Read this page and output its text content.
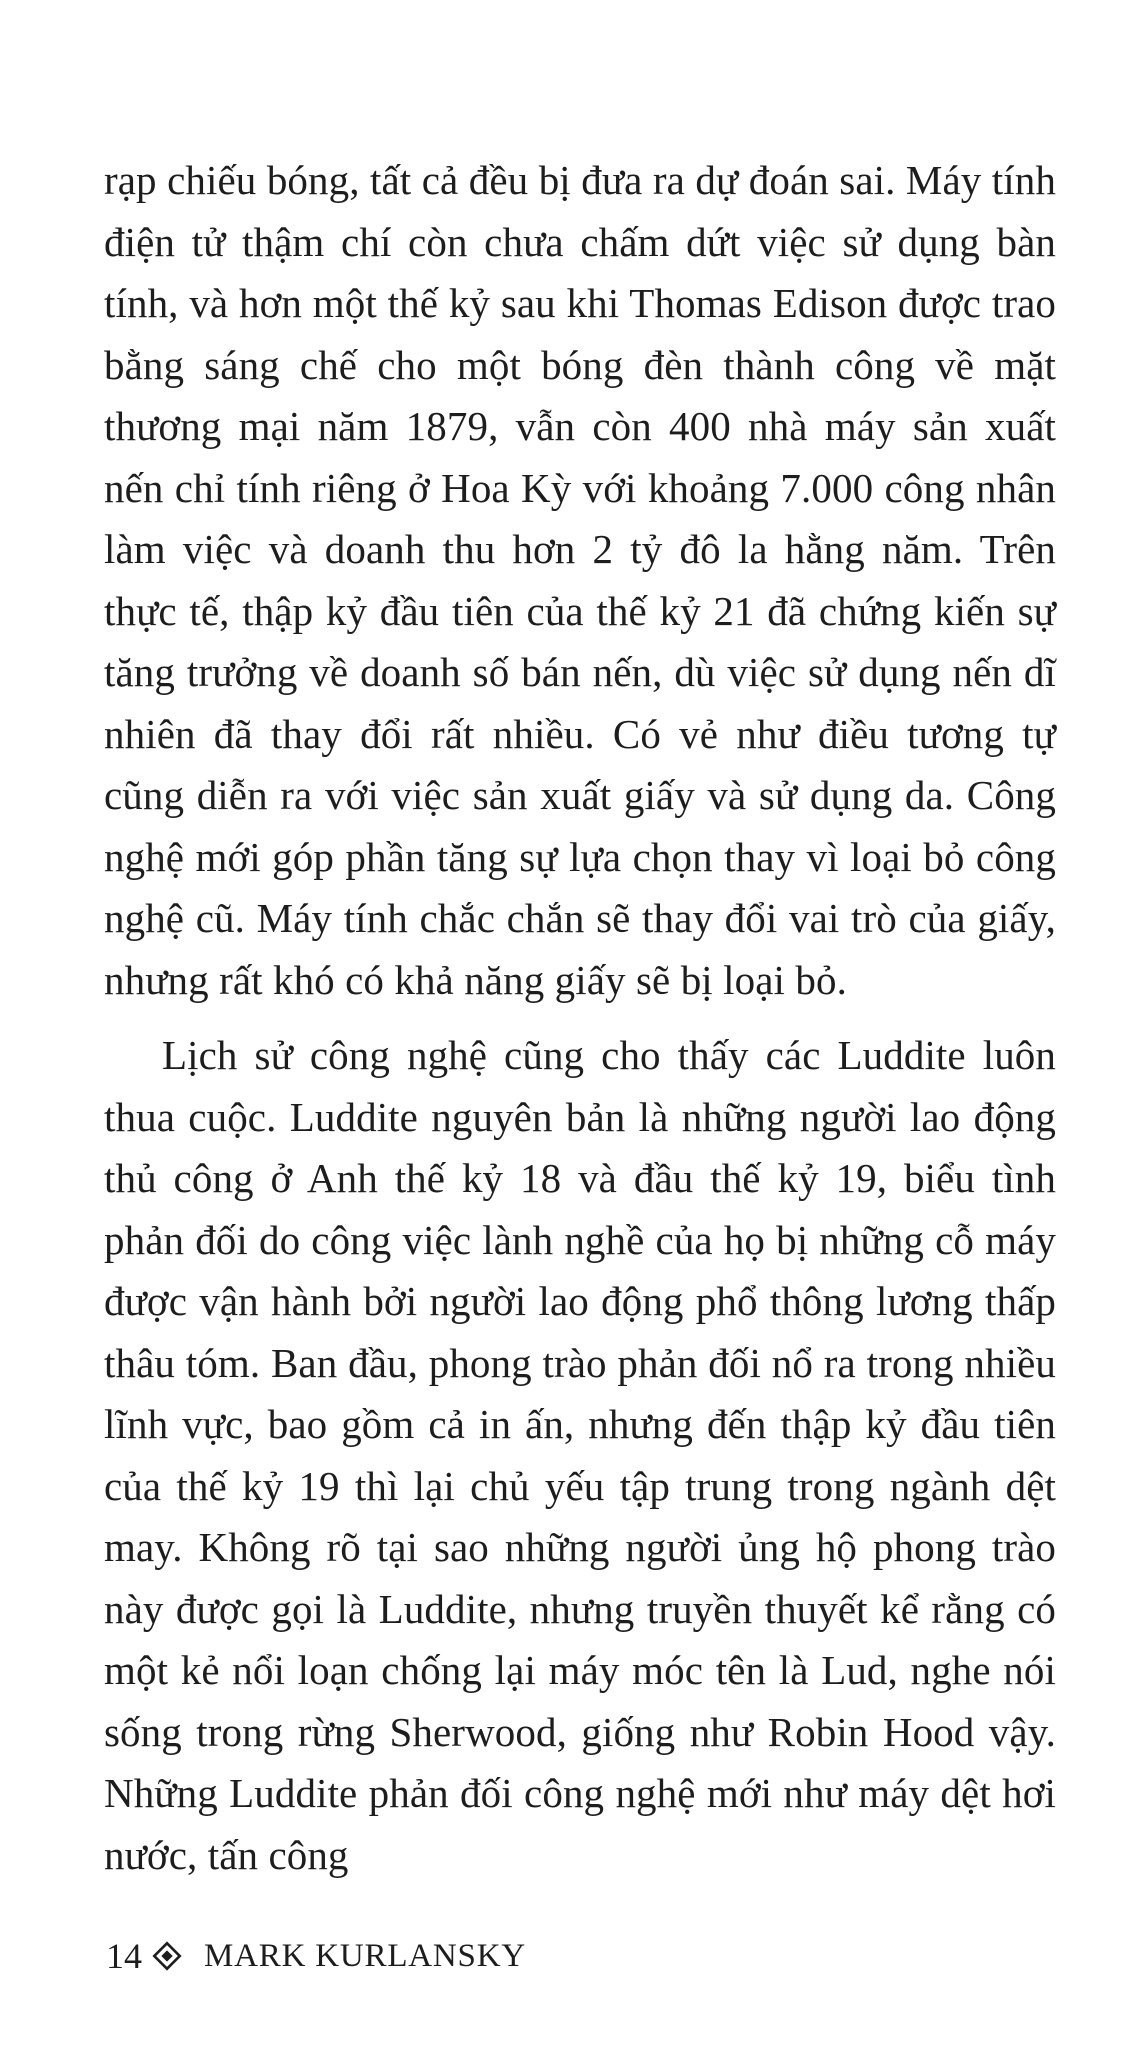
rạp chiếu bóng, tất cả đều bị đưa ra dự đoán sai. Máy tính điện tử thậm chí còn chưa chấm dứt việc sử dụng bàn tính, và hơn một thế kỷ sau khi Thomas Edison được trao bằng sáng chế cho một bóng đèn thành công về mặt thương mại năm 1879, vẫn còn 400 nhà máy sản xuất nến chỉ tính riêng ở Hoa Kỳ với khoảng 7.000 công nhân làm việc và doanh thu hơn 2 tỷ đô la hằng năm. Trên thực tế, thập kỷ đầu tiên của thế kỷ 21 đã chứng kiến sự tăng trưởng về doanh số bán nến, dù việc sử dụng nến dĩ nhiên đã thay đổi rất nhiều. Có vẻ như điều tương tự cũng diễn ra với việc sản xuất giấy và sử dụng da. Công nghệ mới góp phần tăng sự lựa chọn thay vì loại bỏ công nghệ cũ. Máy tính chắc chắn sẽ thay đổi vai trò của giấy, nhưng rất khó có khả năng giấy sẽ bị loại bỏ.

Lịch sử công nghệ cũng cho thấy các Luddite luôn thua cuộc. Luddite nguyên bản là những người lao động thủ công ở Anh thế kỷ 18 và đầu thế kỷ 19, biểu tình phản đối do công việc lành nghề của họ bị những cỗ máy được vận hành bởi người lao động phổ thông lương thấp thâu tóm. Ban đầu, phong trào phản đối nổ ra trong nhiều lĩnh vực, bao gồm cả in ấn, nhưng đến thập kỷ đầu tiên của thế kỷ 19 thì lại chủ yếu tập trung trong ngành dệt may. Không rõ tại sao những người ủng hộ phong trào này được gọi là Luddite, nhưng truyền thuyết kể rằng có một kẻ nổi loạn chống lại máy móc tên là Lud, nghe nói sống trong rừng Sherwood, giống như Robin Hood vậy. Những Luddite phản đối công nghệ mới như máy dệt hơi nước, tấn công

14 MARK KURLANSKY
